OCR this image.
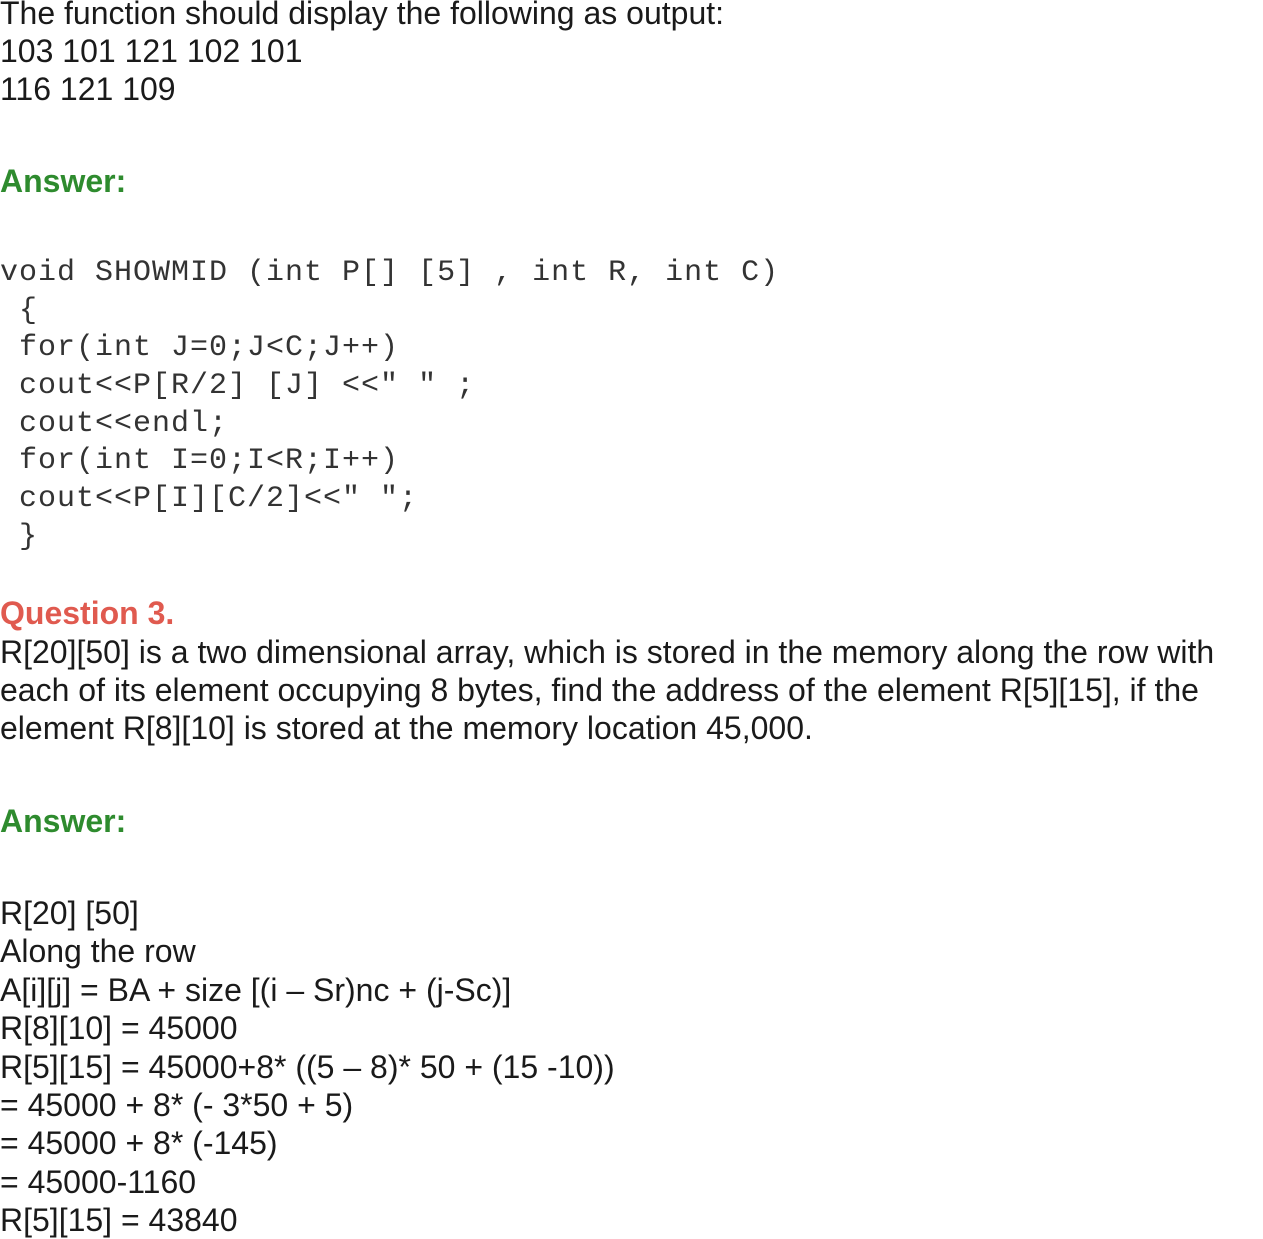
The function should display the following as output:

103 101 121 102 101

116 121 109

Answer:

void SHOWMID (int P[] [5] , int R, int C)

{

for(int J=0;J<C;J++)

cout<<P[R/2] [J] <<" " ;

cout<<endl;

for(int I=0;I<R;I++)

cout<<P[I][C/2]<<" ";

}

Question 3.

R[20][50] is a two dimensional array, which is stored in the memory along the row with

each of its element occupying 8 bytes, find the address of the element R[5][15], if the

element R[8][10] is stored at the memory location 45,000.

Answer:

R[20] [50]

Along the row

A[i][j] = BA + size [(i – Sr)nc + (j-Sc)]

R[8][10] = 45000

R[5][15] = 45000+8* ((5 – 8)* 50 + (15 -10))

= 45000 + 8* (- 3*50 + 5)

= 45000 + 8* (-145)

= 45000-1160

R[5][15] = 43840
